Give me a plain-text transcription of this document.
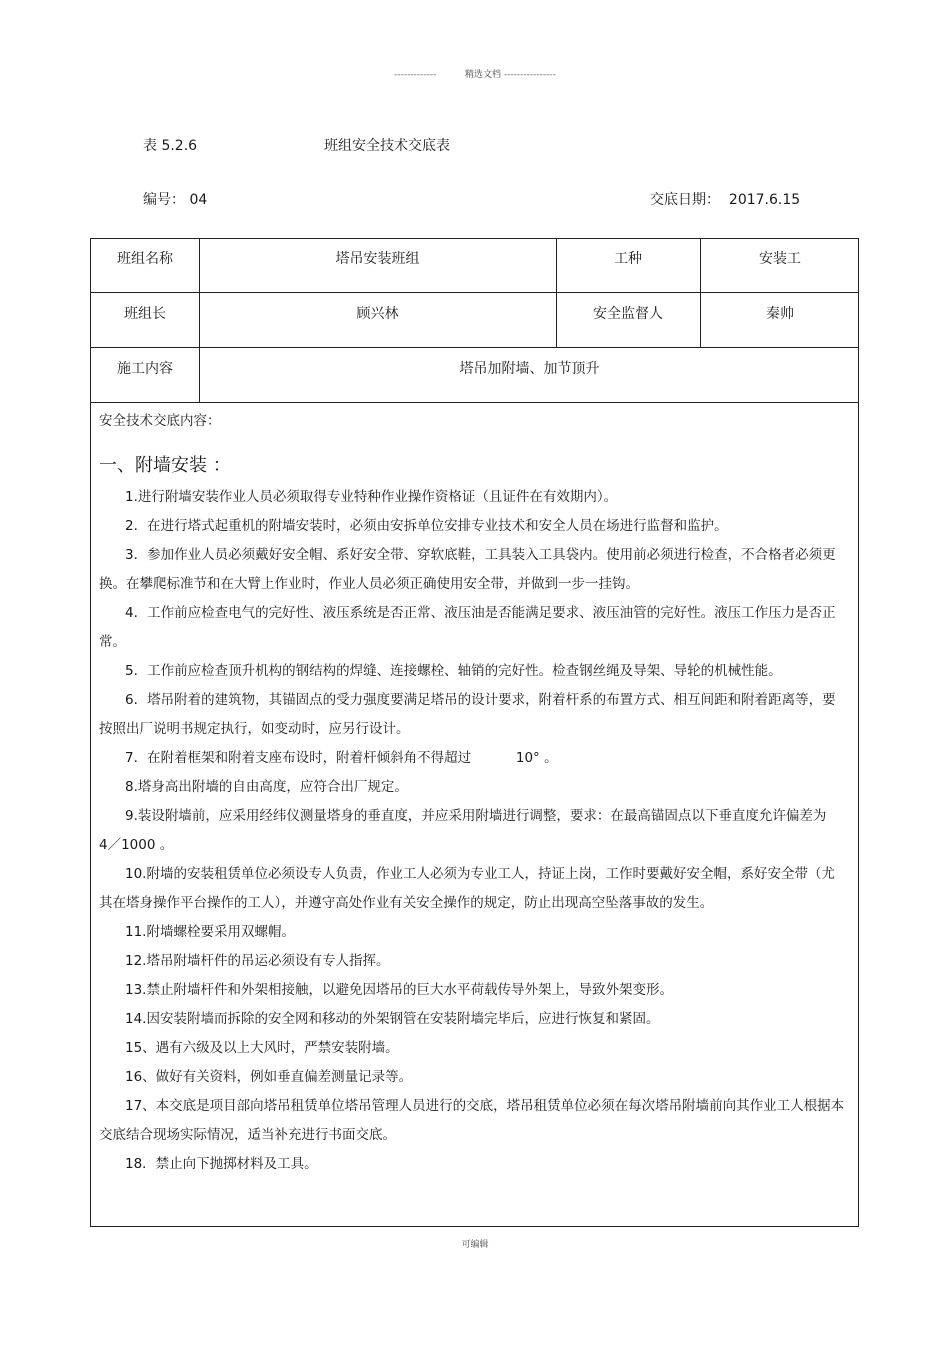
-------------	精选文档 ----------------
表 5.2.6	班组安全技术交底表
编号： 04	交底日期： 2017.6.15
班组名称	塔吊安装班组	工种	安装工
班组长	顾兴林	安全监督人	秦帅
施工内容	塔吊加附墙、加节顶升
安全技术交底内容：
一、附墙安装 ：

1.进行附墙安装作业人员必须取得专业特种作业操作资格证（且证件在有效期内）。

2．在进行塔式起重机的附墙安装时，必须由安拆单位安排专业技术和安全人员在场进行监督和监护。

3．参加作业人员必须戴好安全帽、系好安全带、穿软底鞋，工具装入工具袋内。使用前必须进行检查，不合格者必须更换。在攀爬标准节和在大臂上作业时，作业人员必须正确使用安全带，并做到一步一挂钩。

4．工作前应检查电气的完好性、液压系统是否正常、液压油是否能满足要求、液压油管的完好性。液压工作压力是否正常。

5．工作前应检查顶升机构的钢结构的焊缝、连接螺栓、轴销的完好性。检查钢丝绳及导架、导轮的机械性能。

6．塔吊附着的建筑物，其锚固点的受力强度要满足塔吊的设计要求，附着杆系的布置方式、相互间距和附着距离等，要按照出厂说明书规定执行，如变动时，应另行设计。

7．在附着框架和附着支座布设时，附着杆倾斜角不得超过 　　　10° 。

8.塔身高出附墙的自由高度，应符合出厂规定。

9.装设附墙前，应采用经纬仪测量塔身的垂直度，并应采用附墙进行调整，要求：在最高锚固点以下垂直度允许偏差为　4／1000 。

10.附墙的安装租赁单位必须设专人负责，作业工人必须为专业工人，持证上岗，工作时要戴好安全帽，系好安全带（尤其在塔身操作平台操作的工人），并遵守高处作业有关安全操作的规定，防止出现高空坠落事故的发生。

11.附墙螺栓要采用双螺帽。

12.塔吊附墙杆件的吊运必须设有专人指挥。

13.禁止附墙杆件和外架相接触，以避免因塔吊的巨大水平荷载传导外架上，导致外架变形。

14.因安装附墙而拆除的安全网和移动的外架钢管在安装附墙完毕后，应进行恢复和紧固。

15、遇有六级及以上大风时，严禁安装附墙。

16、做好有关资料，例如垂直偏差测量记录等。

17、本交底是项目部向塔吊租赁单位塔吊管理人员进行的交底，塔吊租赁单位必须在每次塔吊附墙前向其作业工人根据本交底结合现场实际情况，适当补充进行书面交底。

18．禁止向下抛掷材料及工具。

可编辑
